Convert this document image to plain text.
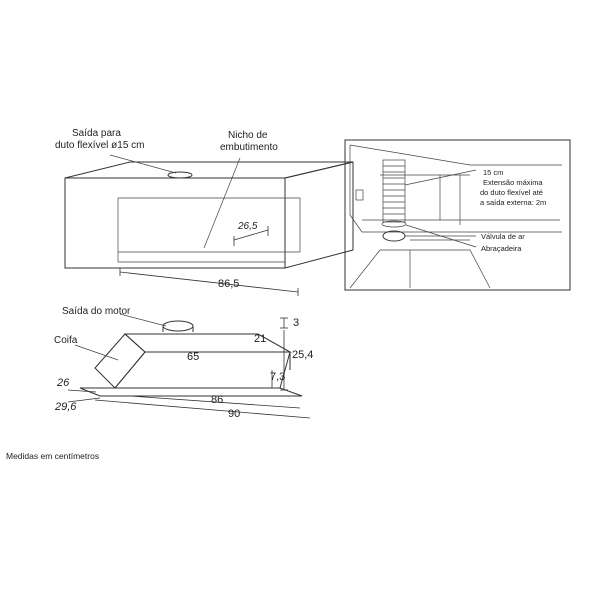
Saída para
duto flexível ø15 cm
Nicho de
embutimento
26,5
86,5
15 cm
Extensão máxima
do duto flexível até
a saída externa: 2m
Válvula de ar
Abraçadeira
Saída do motor
Coifa
65
21
3
25,4
7,3
26
29,6
86
90
Medidas em centímetros
